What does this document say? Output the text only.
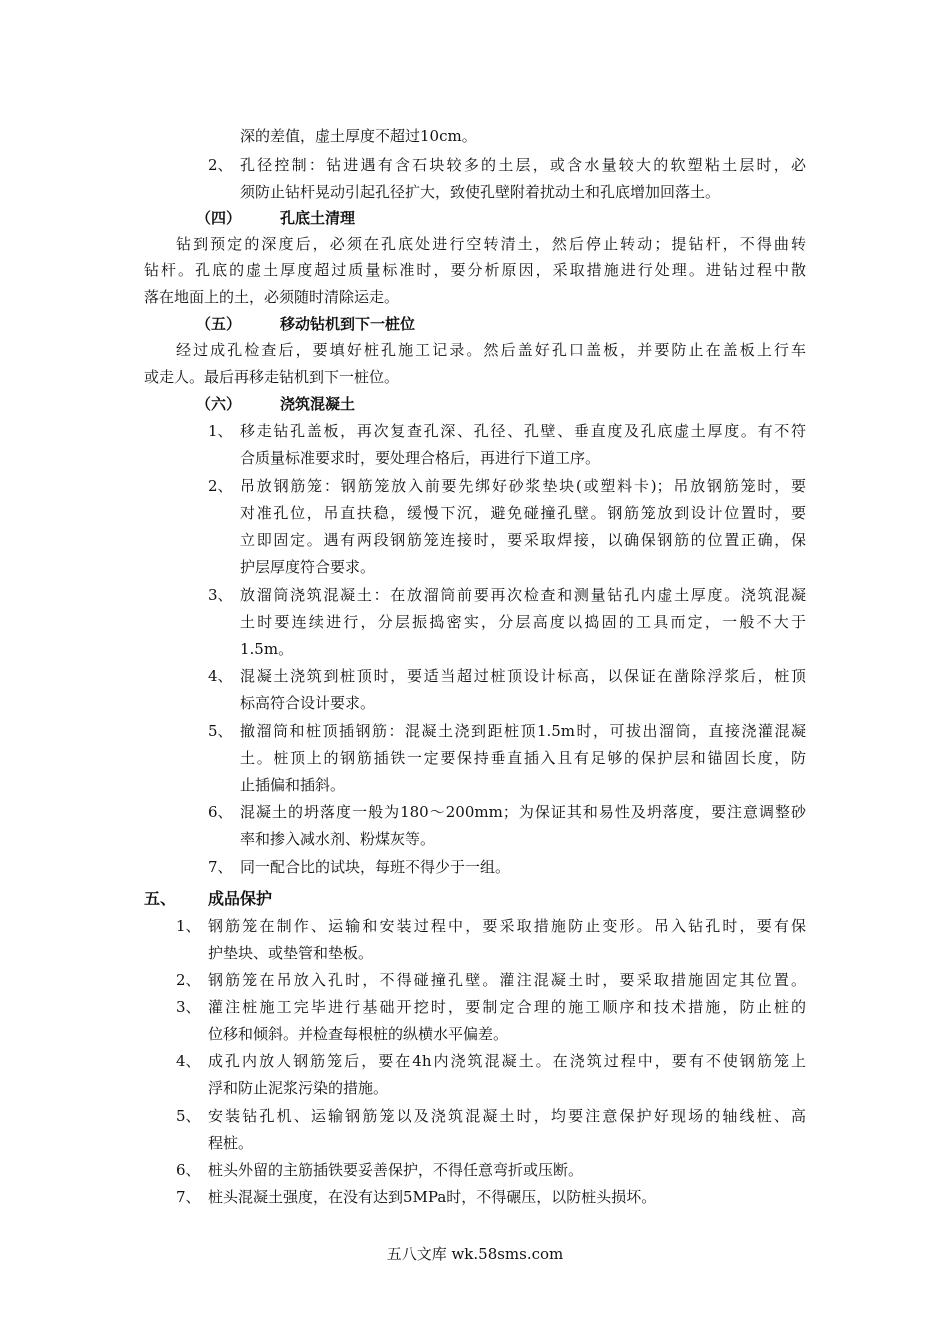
深的差值，虚土厚度不超过10cm。
2、 孔径控制：钻进遇有含石块较多的土层，或含水量较大的软塑粘土层时，必
须防止钻杆晃动引起孔径扩大，致使孔壁附着扰动土和孔底增加回落土。
（四）	孔底土清理
钻到预定的深度后，必须在孔底处进行空转清土，然后停止转动；提钻杆，不得曲转
钻杆。孔底的虚土厚度超过质量标准时，要分析原因，采取措施进行处理。进钻过程中散
落在地面上的土，必须随时清除运走。
（五）	移动钻机到下一桩位
经过成孔检查后，要填好桩孔施工记录。然后盖好孔口盖板，并要防止在盖板上行车
或走人。最后再移走钻机到下一桩位。
（六）	浇筑混凝土
1、 移走钻孔盖板，再次复查孔深、孔径、孔壁、垂直度及孔底虚土厚度。有不符
合质量标准要求时，要处理合格后，再进行下道工序。
2、 吊放钢筋笼：钢筋笼放入前要先绑好砂浆垫块(或塑料卡)；吊放钢筋笼时，要
对准孔位，吊直扶稳，缓慢下沉，避免碰撞孔壁。钢筋笼放到设计位置时，要
立即固定。遇有两段钢筋笼连接时，要采取焊接，以确保钢筋的位置正确，保
护层厚度符合要求。
3、 放溜筒浇筑混凝土：在放溜筒前要再次检查和测量钻孔内虚土厚度。浇筑混凝
土时要连续进行，分层振捣密实，分层高度以捣固的工具而定，一般不大于
1.5m。
4、 混凝土浇筑到桩顶时，要适当超过桩顶设计标高，以保证在凿除浮浆后，桩顶
标高符合设计要求。
5、 撤溜筒和桩顶插钢筋：混凝土浇到距桩顶1.5m时，可拔出溜筒，直接浇灌混凝
土。桩顶上的钢筋插铁一定要保持垂直插入且有足够的保护层和锚固长度，防
止插偏和插斜。
6、 混凝土的坍落度一般为180～200mm；为保证其和易性及坍落度，要注意调整砂
率和掺入减水剂、粉煤灰等。
7、 同一配合比的试块，每班不得少于一组。
五、 成品保护
1、 钢筋笼在制作、运输和安装过程中，要采取措施防止变形。吊入钻孔时，要有保
护垫块、或垫管和垫板。
2、 钢筋笼在吊放入孔时，不得碰撞孔壁。灌注混凝土时，要采取措施固定其位置。
3、 灌注桩施工完毕进行基础开挖时，要制定合理的施工顺序和技术措施，防止桩的
位移和倾斜。并检查每根桩的纵横水平偏差。
4、 成孔内放人钢筋笼后，要在4h内浇筑混凝土。在浇筑过程中，要有不使钢筋笼上
浮和防止泥浆污染的措施。
5、 安装钻孔机、运输钢筋笼以及浇筑混凝土时，均要注意保护好现场的轴线桩、高
程桩。
6、 桩头外留的主筋插铁要妥善保护，不得任意弯折或压断。
7、 桩头混凝土强度，在没有达到5MPa时，不得碾压，以防桩头损坏。
五八文库 wk.58sms.com
